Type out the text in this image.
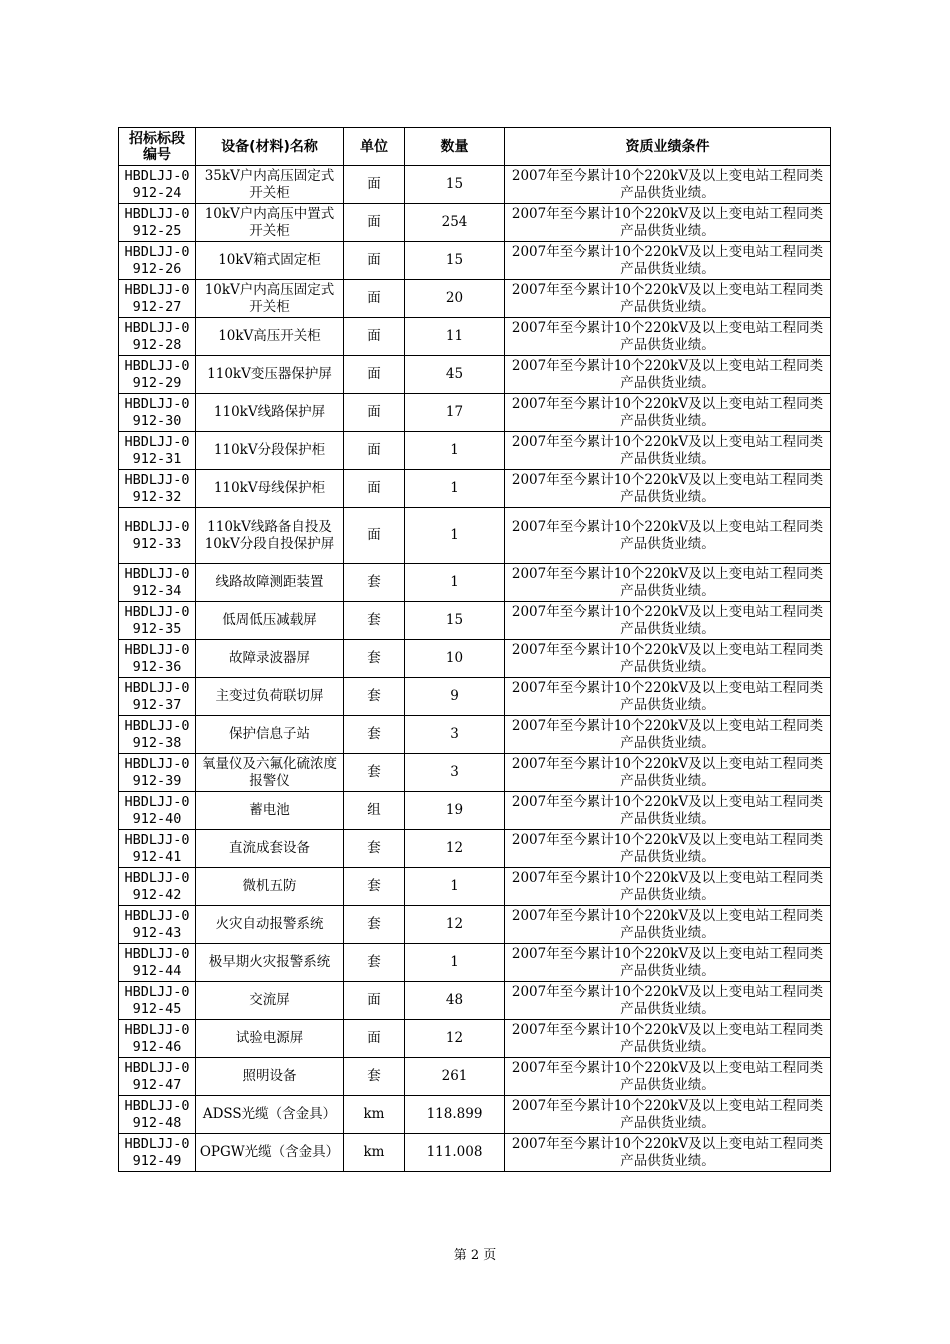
招标标段编号	设备(材料)名称	单位	数量	资质业绩条件
HBDLJJ-0912-24	35kV户内高压固定式开关柜	面	15	2007年至今累计10个220kV及以上变电站工程同类产品供货业绩。
HBDLJJ-0912-25	10kV户内高压中置式开关柜	面	254	2007年至今累计10个220kV及以上变电站工程同类产品供货业绩。
HBDLJJ-0912-26	10kV箱式固定柜	面	15	2007年至今累计10个220kV及以上变电站工程同类产品供货业绩。
HBDLJJ-0912-27	10kV户内高压固定式开关柜	面	20	2007年至今累计10个220kV及以上变电站工程同类产品供货业绩。
HBDLJJ-0912-28	10kV高压开关柜	面	11	2007年至今累计10个220kV及以上变电站工程同类产品供货业绩。
HBDLJJ-0912-29	110kV变压器保护屏	面	45	2007年至今累计10个220kV及以上变电站工程同类产品供货业绩。
HBDLJJ-0912-30	110kV线路保护屏	面	17	2007年至今累计10个220kV及以上变电站工程同类产品供货业绩。
HBDLJJ-0912-31	110kV分段保护柜	面	1	2007年至今累计10个220kV及以上变电站工程同类产品供货业绩。
HBDLJJ-0912-32	110kV母线保护柜	面	1	2007年至今累计10个220kV及以上变电站工程同类产品供货业绩。
HBDLJJ-0912-33	110kV线路备自投及10kV分段自投保护屏	面	1	2007年至今累计10个220kV及以上变电站工程同类产品供货业绩。
HBDLJJ-0912-34	线路故障测距装置	套	1	2007年至今累计10个220kV及以上变电站工程同类产品供货业绩。
HBDLJJ-0912-35	低周低压减载屏	套	15	2007年至今累计10个220kV及以上变电站工程同类产品供货业绩。
HBDLJJ-0912-36	故障录波器屏	套	10	2007年至今累计10个220kV及以上变电站工程同类产品供货业绩。
HBDLJJ-0912-37	主变过负荷联切屏	套	9	2007年至今累计10个220kV及以上变电站工程同类产品供货业绩。
HBDLJJ-0912-38	保护信息子站	套	3	2007年至今累计10个220kV及以上变电站工程同类产品供货业绩。
HBDLJJ-0912-39	氧量仪及六氟化硫浓度报警仪	套	3	2007年至今累计10个220kV及以上变电站工程同类产品供货业绩。
HBDLJJ-0912-40	蓄电池	组	19	2007年至今累计10个220kV及以上变电站工程同类产品供货业绩。
HBDLJJ-0912-41	直流成套设备	套	12	2007年至今累计10个220kV及以上变电站工程同类产品供货业绩。
HBDLJJ-0912-42	微机五防	套	1	2007年至今累计10个220kV及以上变电站工程同类产品供货业绩。
HBDLJJ-0912-43	火灾自动报警系统	套	12	2007年至今累计10个220kV及以上变电站工程同类产品供货业绩。
HBDLJJ-0912-44	极早期火灾报警系统	套	1	2007年至今累计10个220kV及以上变电站工程同类产品供货业绩。
HBDLJJ-0912-45	交流屏	面	48	2007年至今累计10个220kV及以上变电站工程同类产品供货业绩。
HBDLJJ-0912-46	试验电源屏	面	12	2007年至今累计10个220kV及以上变电站工程同类产品供货业绩。
HBDLJJ-0912-47	照明设备	套	261	2007年至今累计10个220kV及以上变电站工程同类产品供货业绩。
HBDLJJ-0912-48	ADSS光缆（含金具）	km	118.899	2007年至今累计10个220kV及以上变电站工程同类产品供货业绩。
HBDLJJ-0912-49	OPGW光缆（含金具）	km	111.008	2007年至今累计10个220kV及以上变电站工程同类产品供货业绩。
第 2 页
